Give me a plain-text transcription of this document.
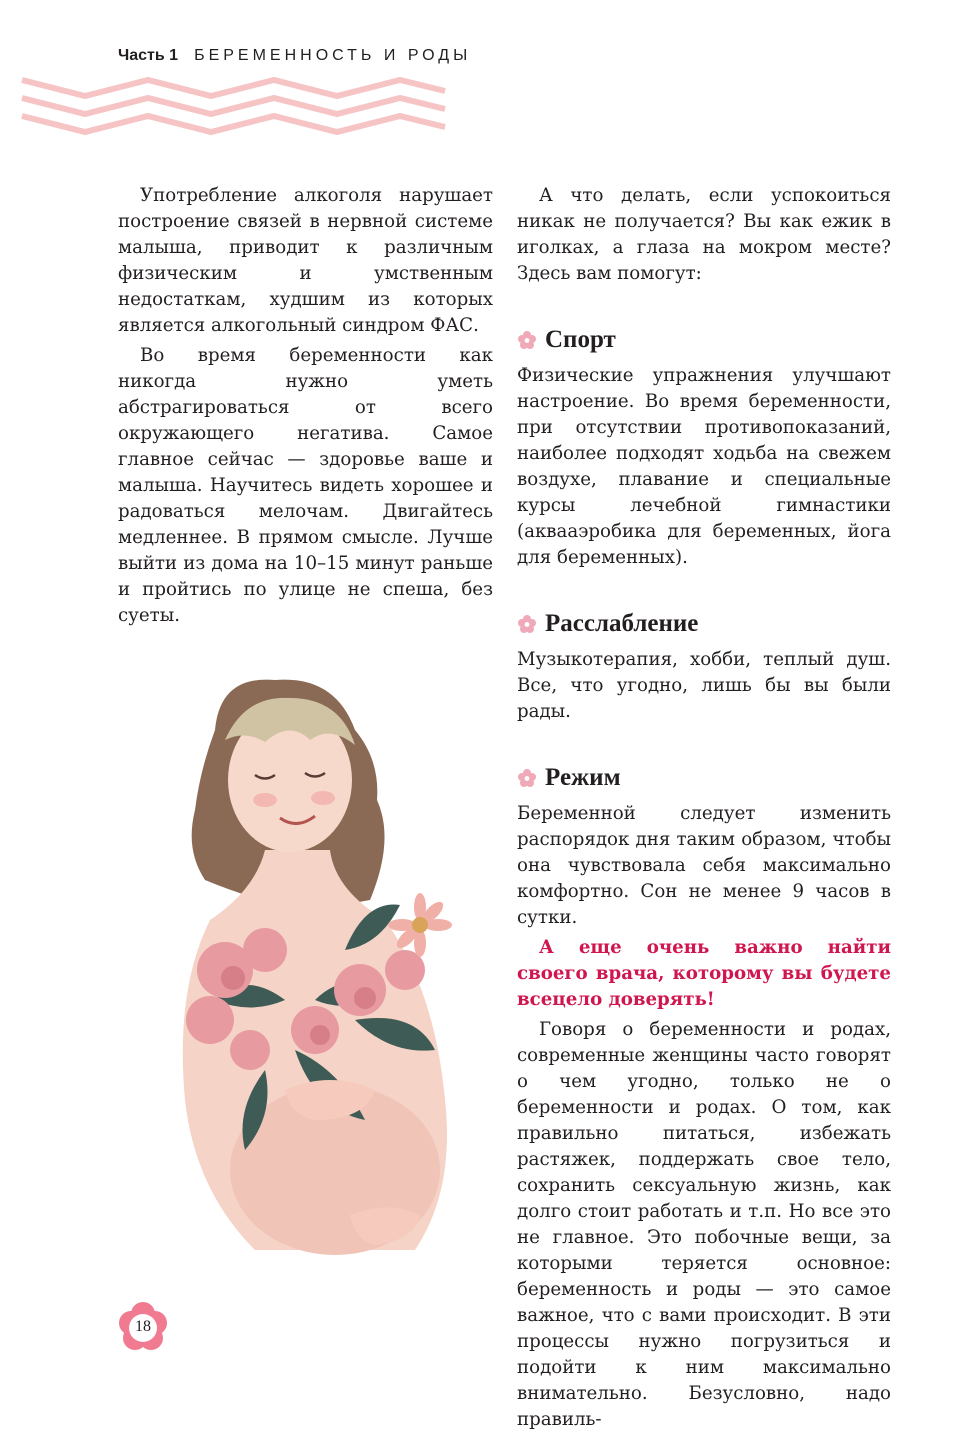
Часть 1 БЕРЕМЕННОСТЬ И РОДЫ

Употребление алкоголя нарушает построение связей в нервной системе малыша, приводит к различным физическим и умственным недостаткам, худшим из которых является алкогольный синдром ФАС.

Во время беременности как никогда нужно уметь абстрагироваться от всего окружающего негатива. Самое главное сейчас — здоровье ваше и малыша. Научитесь видеть хорошее и радоваться мелочам. Двигайтесь медленнее. В прямом смысле. Лучше выйти из дома на 10–15 минут раньше и пройтись по улице не спеша, без суеты.

А что делать, если успокоиться никак не получается? Вы как ежик в иголках, а глаза на мокром месте? Здесь вам помогут:

Спорт

Физические упражнения улучшают настроение. Во время беременности, при отсутствии противопоказаний, наиболее подходят ходьба на свежем воздухе, плавание и специальные курсы лечебной гимнастики (аквааэробика для беременных, йога для беременных).

Расслабление

Музыкотерапия, хобби, теплый душ. Все, что угодно, лишь бы вы были рады.

Режим

Беременной следует изменить распорядок дня таким образом, чтобы она чувствовала себя максимально комфортно. Сон не менее 9 часов в сутки.

А еще очень важно найти своего врача, которому вы будете всецело доверять!

Говоря о беременности и родах, современные женщины часто говорят о чем угодно, только не о беременности и родах. О том, как правильно питаться, избежать растяжек, поддержать свое тело, сохранить сексуальную жизнь, как долго стоит работать и т.п. Но все это не главное. Это побочные вещи, за которыми теряется основное: беременность и роды — это самое важное, что с вами происходит. В эти процессы нужно погрузиться и подойти к ним максимально внимательно. Безусловно, надо правиль-

18
